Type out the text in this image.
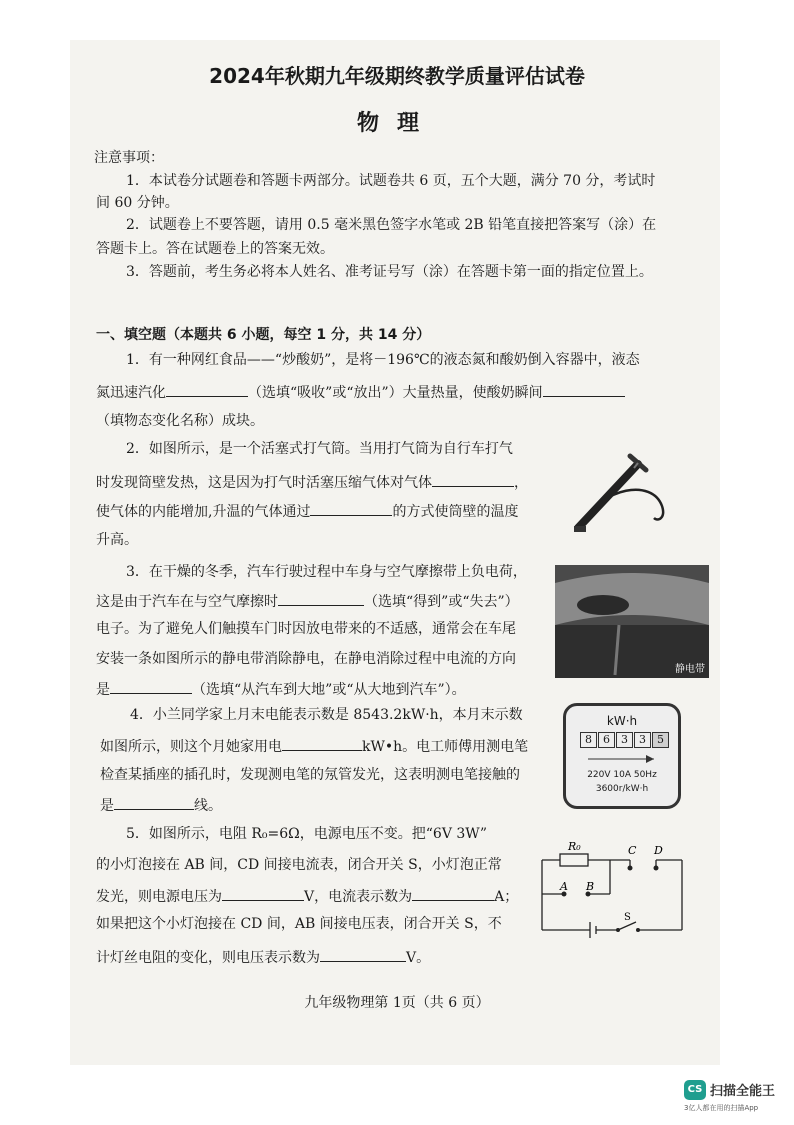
2024年秋期九年级期终教学质量评估试卷
物理
注意事项：
1．本试卷分试题卷和答题卡两部分。试题卷共 6 页，五个大题，满分 70 分，考试时
间 60 分钟。
2．试题卷上不要答题，请用 0.5 毫米黑色签字水笔或 2B 铅笔直接把答案写（涂）在
答题卡上。答在试题卷上的答案无效。
3．答题前，考生务必将本人姓名、准考证号写（涂）在答题卡第一面的指定位置上。
一、填空题（本题共 6 小题，每空 1 分，共 14 分）
1．有一种网红食品——“炒酸奶”，是将－196℃的液态氮和酸奶倒入容器中，液态
氮迅速汽化	（选填“吸收”或“放出”）大量热量，使酸奶瞬间
（填物态变化名称）成块。
2．如图所示，是一个活塞式打气筒。当用打气筒为自行车打气
时发现筒壁发热，这是因为打气时活塞压缩气体对气体	，
使气体的内能增加,升温的气体通过	的方式使筒壁的温度
升高。
3．在干燥的冬季，汽车行驶过程中车身与空气摩擦带上负电荷，
这是由于汽车在与空气摩擦时	（选填“得到”或“失去”）
电子。为了避免人们触摸车门时因放电带来的不适感，通常会在车尾
安装一条如图所示的静电带消除静电，在静电消除过程中电流的方向
是	（选填“从汽车到大地”或“从大地到汽车”）。
静电带
4．小兰同学家上月末电能表示数是 8543.2kW·h，本月末示数
如图所示，则这个月她家用电	kW•h。电工师傅用测电笔
检查某插座的插孔时，发现测电笔的氖管发光，这表明测电笔接触的
是	线。
kW·h
8	6	3	3	5
220V 10A 50Hz
3600r/kW·h
5．如图所示，电阻 R₀=6Ω，电源电压不变。把“6V 3W”
的小灯泡接在 AB 间，CD 间接电流表，闭合开关 S，小灯泡正常
发光，则电源电压为	V，电流表示数为	A；
如果把这个小灯泡接在 CD 间，AB 间接电压表，闭合开关 S，不
计灯丝电阻的变化，则电压表示数为	V。
R₀
A B
C D
S
九年级物理第 1页（共 6 页）
CS 扫描全能王
3亿人都在用的扫描App
